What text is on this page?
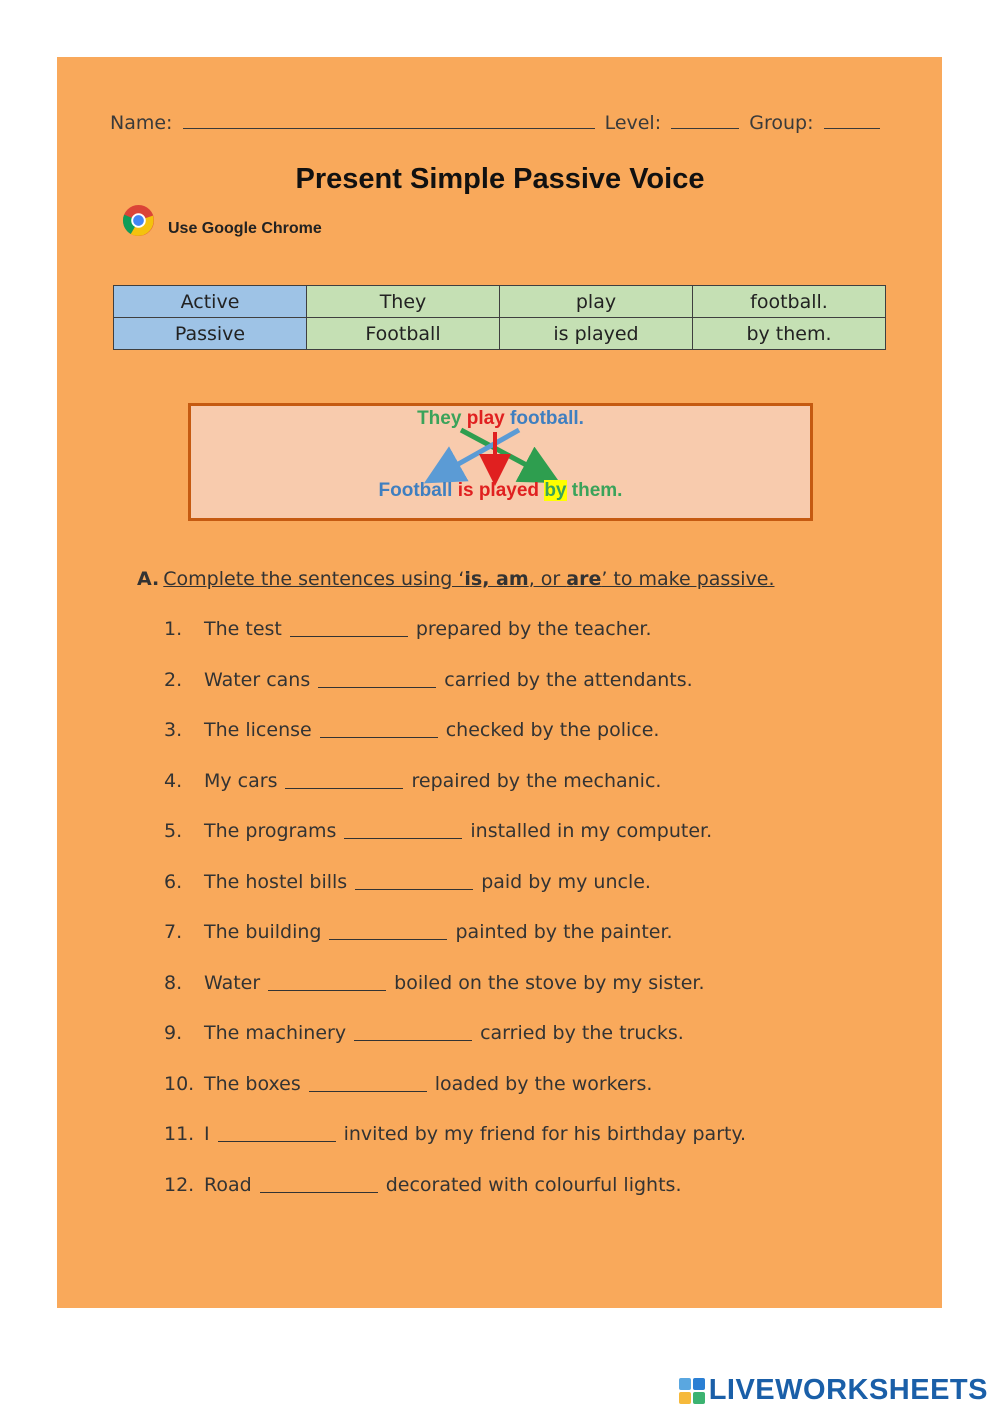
Name:	Level:	Group:
Present Simple Passive Voice
Use Google Chrome
Active	They	play	football.
Passive	Football	is played	by them.
They play football.
Football is played by them.
A. Complete the sentences using ‘is, am, or are’ to make passive.
1.	The test	prepared by the teacher.
2.	Water cans	carried by the attendants.
3.	The license	checked by the police.
4.	My cars	repaired by the mechanic.
5.	The programs	installed in my computer.
6.	The hostel bills	paid by my uncle.
7.	The building	painted by the painter.
8.	Water	boiled on the stove by my sister.
9.	The machinery	carried by the trucks.
10. The boxes	loaded by the workers.
11. I	invited by my friend for his birthday party.
12. Road	decorated with colourful lights.
LIVEWORKSHEETS
